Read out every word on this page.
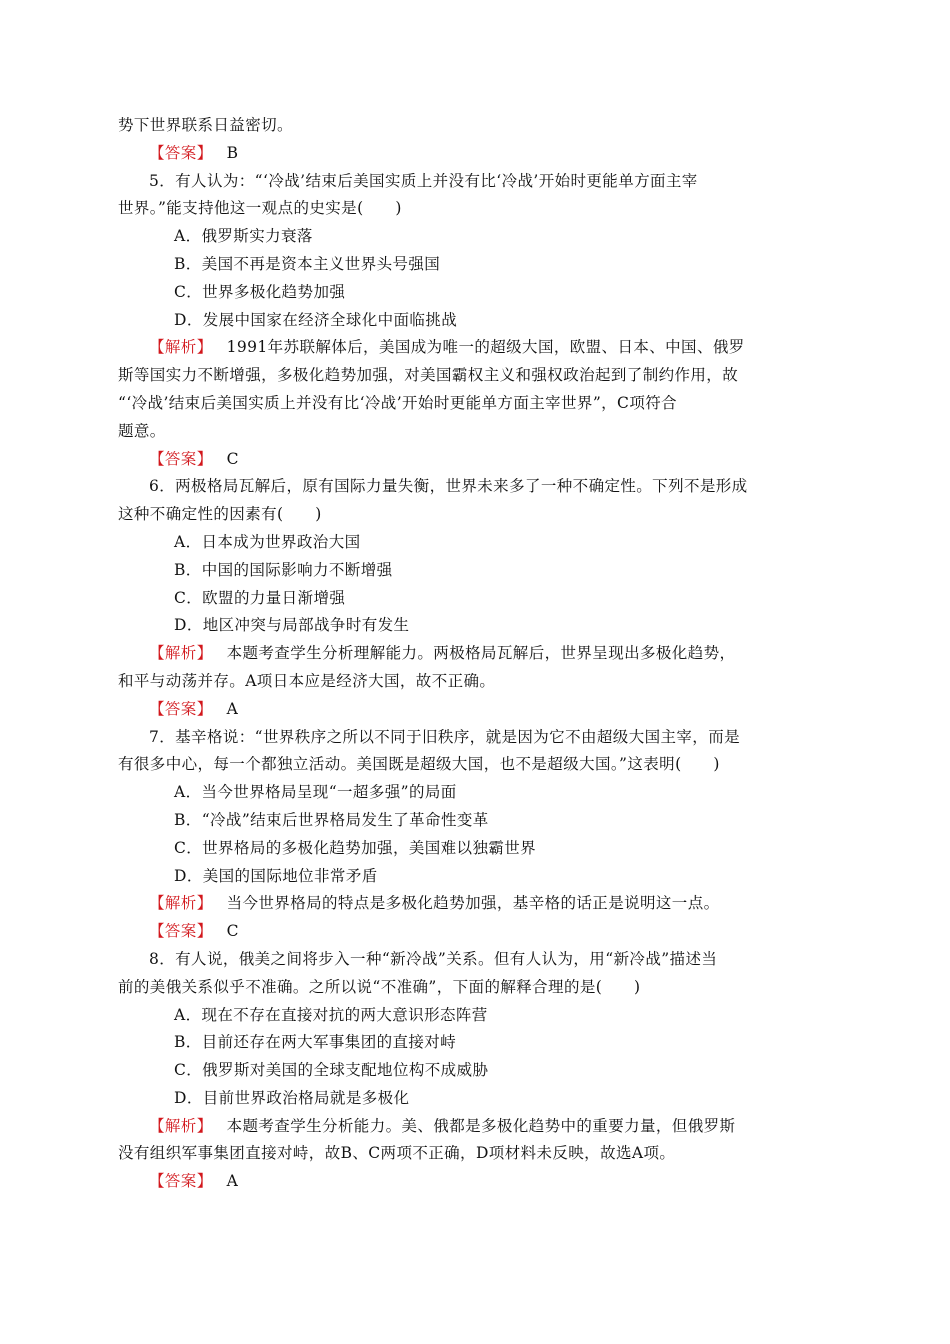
势下世界联系日益密切。
【答案】 B
5．有人认为：“‘冷战’结束后美国实质上并没有比‘冷战’开始时更能单方面主宰
世界。”能支持他这一观点的史实是(　　)
A．俄罗斯实力衰落
B．美国不再是资本主义世界头号强国
C．世界多极化趋势加强
D．发展中国家在经济全球化中面临挑战
【解析】 1991年苏联解体后，美国成为唯一的超级大国，欧盟、日本、中国、俄罗
斯等国实力不断增强，多极化趋势加强，对美国霸权主义和强权政治起到了制约作用，故
“‘冷战’结束后美国实质上并没有比‘冷战’开始时更能单方面主宰世界”，C项符合
题意。
【答案】 C
6．两极格局瓦解后，原有国际力量失衡，世界未来多了一种不确定性。下列不是形成
这种不确定性的因素有(　　)
A．日本成为世界政治大国
B．中国的国际影响力不断增强
C．欧盟的力量日渐增强
D．地区冲突与局部战争时有发生
【解析】 本题考查学生分析理解能力。两极格局瓦解后，世界呈现出多极化趋势，
和平与动荡并存。A项日本应是经济大国，故不正确。
【答案】 A
7．基辛格说：“世界秩序之所以不同于旧秩序，就是因为它不由超级大国主宰，而是
有很多中心，每一个都独立活动。美国既是超级大国，也不是超级大国。”这表明(　　)
A．当今世界格局呈现“一超多强”的局面
B．“冷战”结束后世界格局发生了革命性变革
C．世界格局的多极化趋势加强，美国难以独霸世界
D．美国的国际地位非常矛盾
【解析】 当今世界格局的特点是多极化趋势加强，基辛格的话正是说明这一点。
【答案】 C
8．有人说，俄美之间将步入一种“新冷战”关系。但有人认为，用“新冷战”描述当
前的美俄关系似乎不准确。之所以说“不准确”，下面的解释合理的是(　　)
A．现在不存在直接对抗的两大意识形态阵营
B．目前还存在两大军事集团的直接对峙
C．俄罗斯对美国的全球支配地位构不成威胁
D．目前世界政治格局就是多极化
【解析】 本题考查学生分析能力。美、俄都是多极化趋势中的重要力量，但俄罗斯
没有组织军事集团直接对峙，故B、C两项不正确，D项材料未反映，故选A项。
【答案】 A
